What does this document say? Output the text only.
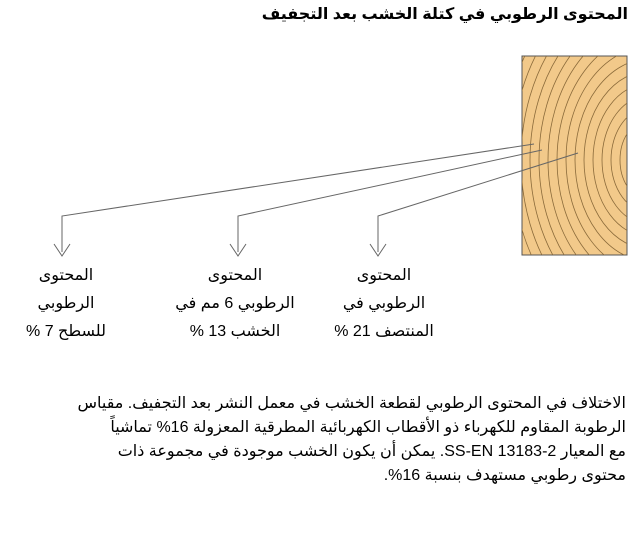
المحتوى الرطوبي في كتلة الخشب بعد التجفيف
المحتوى
الرطوبي
للسطح 7 %
المحتوى
الرطوبي 6 مم في
الخشب 13 %
المحتوى
الرطوبي في
المنتصف 21 %
الاختلاف في المحتوى الرطوبي لقطعة الخشب في معمل النشر بعد التجفيف. مقياس
الرطوبة المقاوم للكهرباء ذو الأقطاب الكهربائية المطرقية المعزولة 16% تماشياً
مع المعيار SS-EN 13183-2. يمكن أن يكون الخشب موجودة في مجموعة ذات
محتوى رطوبي مستهدف بنسبة 16%.
